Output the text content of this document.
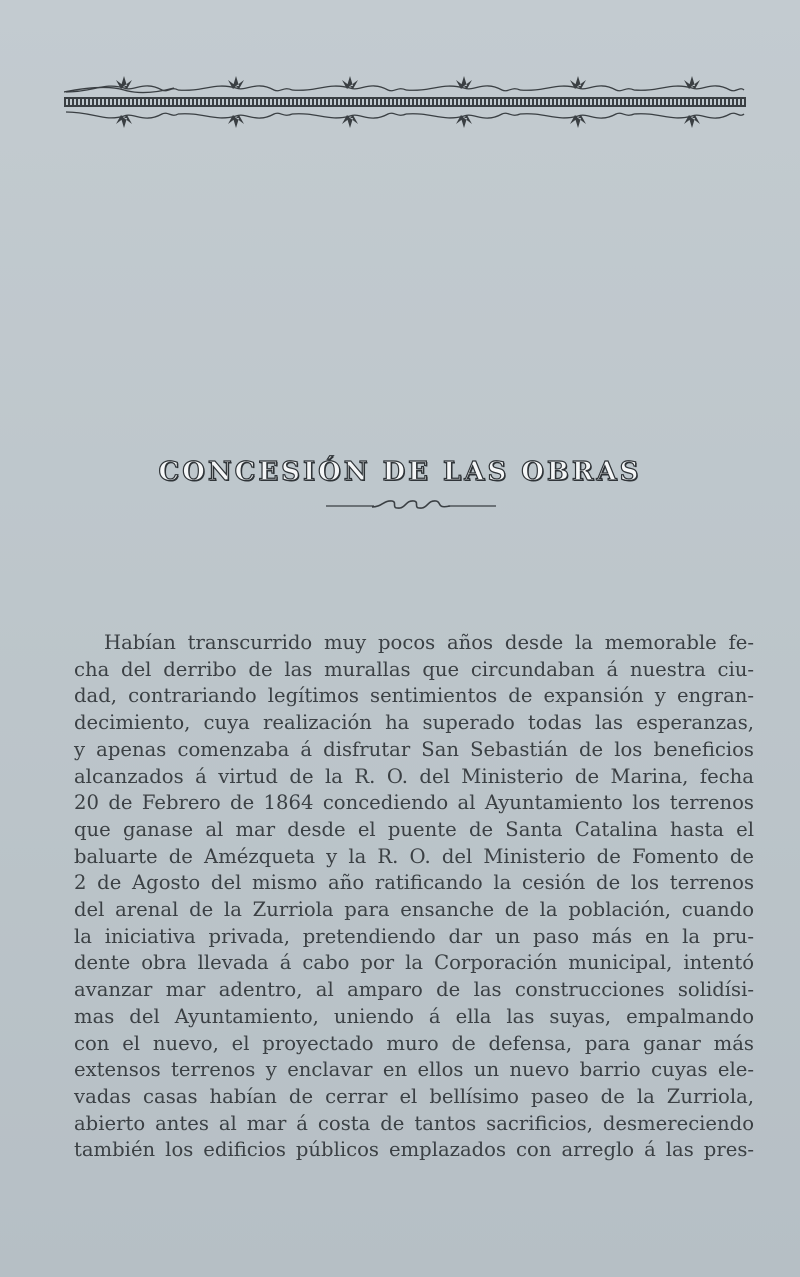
CONCESIÓN DE LAS OBRAS
Habían transcurrido muy pocos años desde la memorable fe-
cha del derribo de las murallas que circundaban á nuestra ciu-
dad, contrariando legítimos sentimientos de expansión y engran-
decimiento, cuya realización ha superado todas las esperanzas,
y apenas comenzaba á disfrutar San Sebastián de los beneficios
alcanzados á virtud de la R. O. del Ministerio de Marina, fecha
20 de Febrero de 1864 concediendo al Ayuntamiento los terrenos
que ganase al mar desde el puente de Santa Catalina hasta el
baluarte de Amézqueta y la R. O. del Ministerio de Fomento de
2 de Agosto del mismo año ratificando la cesión de los terrenos
del arenal de la Zurriola para ensanche de la población, cuando
la iniciativa privada, pretendiendo dar un paso más en la pru-
dente obra llevada á cabo por la Corporación municipal, intentó
avanzar mar adentro, al amparo de las construcciones solidísi-
mas del Ayuntamiento, uniendo á ella las suyas, empalmando
con el nuevo, el proyectado muro de defensa, para ganar más
extensos terrenos y enclavar en ellos un nuevo barrio cuyas ele-
vadas casas habían de cerrar el bellísimo paseo de la Zurriola,
abierto antes al mar á costa de tantos sacrificios, desmereciendo
también los edificios públicos emplazados con arreglo á las pres-
